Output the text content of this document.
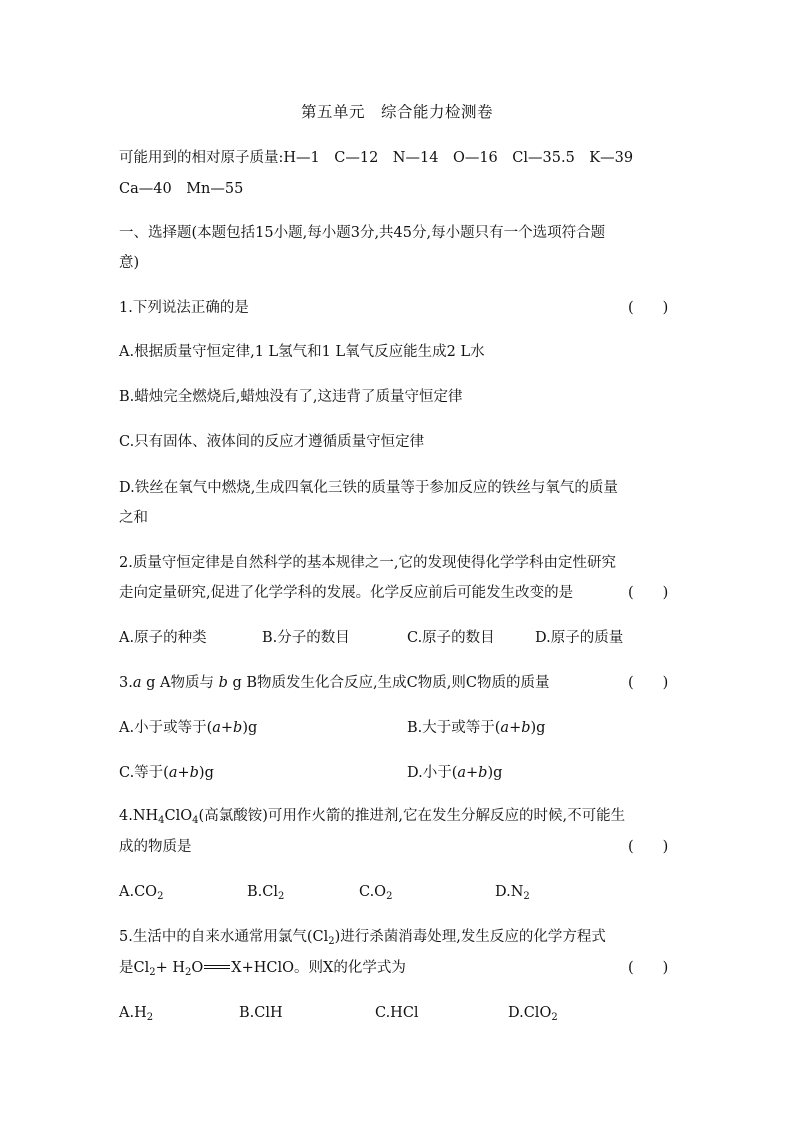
第五单元　综合能力检测卷
可能用到的相对原子质量:H—1　C—12　N—14　O—16　Cl—35.5　K—39
Ca—40　Mn—55
一、选择题(本题包括15小题,每小题3分,共45分,每小题只有一个选项符合题
意)
1.下列说法正确的是	(　　)
A.根据质量守恒定律,1 L氢气和1 L氧气反应能生成2 L水
B.蜡烛完全燃烧后,蜡烛没有了,这违背了质量守恒定律
C.只有固体、液体间的反应才遵循质量守恒定律
D.铁丝在氧气中燃烧,生成四氧化三铁的质量等于参加反应的铁丝与氧气的质量
之和
2.质量守恒定律是自然科学的基本规律之一,它的发现使得化学学科由定性研究
走向定量研究,促进了化学学科的发展。化学反应前后可能发生改变的是	(　　)
A.原子的种类	B.分子的数目	C.原子的数目	D.原子的质量
3.a g A物质与 b g B物质发生化合反应,生成C物质,则C物质的质量	(　　)
A.小于或等于(a+b)g	B.大于或等于(a+b)g
C.等于(a+b)g	D.小于(a+b)g
$4.NH_4ClO_4$(高氯酸铵)可用作火箭的推进剂,它在发生分解反应的时候,不可能生
成的物质是	(　　)
$A.CO_2$	$B.Cl_2$	$C.O_2$	$D.N_2$
5.生活中的自来水通常用氯气$(Cl_2)$进行杀菌消毒处理,发生反应的化学方程式
是$Cl_2+ H_2O$ X+HClO。则X的化学式为	(　　)
$A.H_2$	B.ClH	C.HCl	D.ClO$_2$
